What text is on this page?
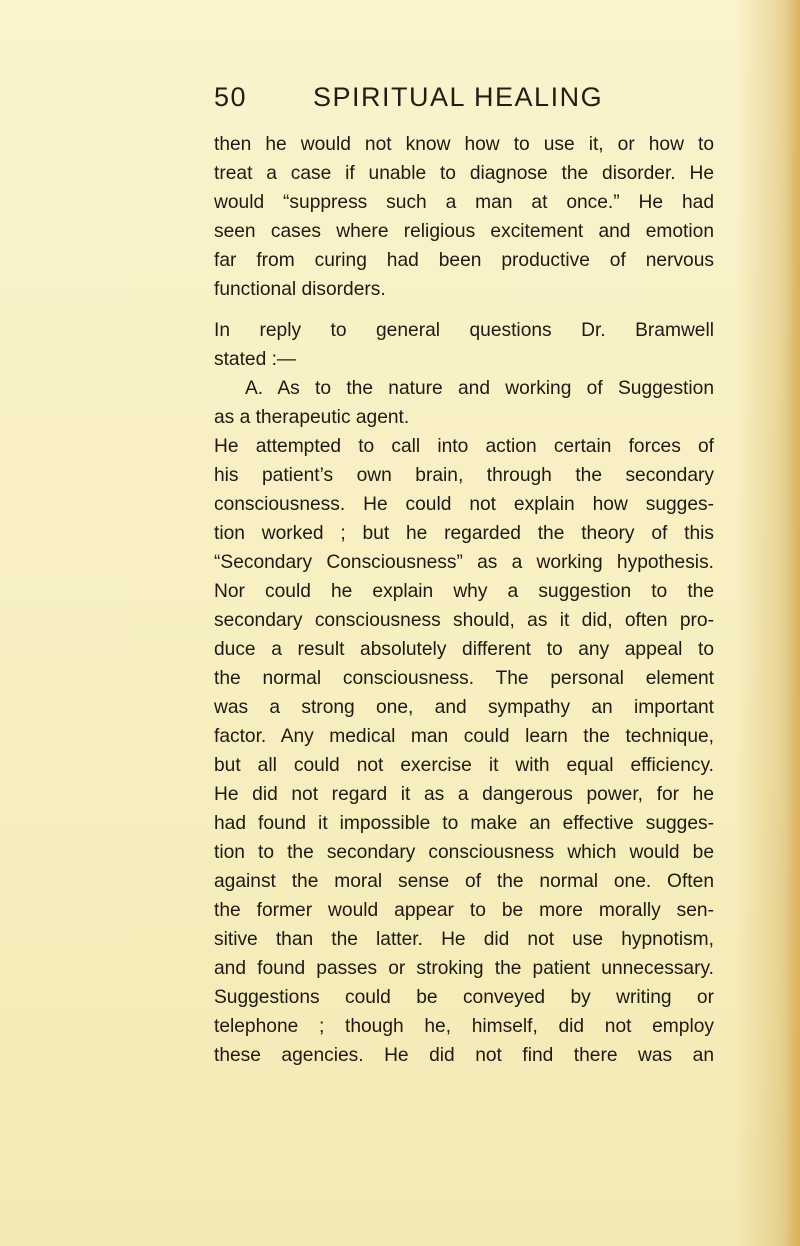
50 SPIRITUAL HEALING
then he would not know how to use it, or how to
treat a case if unable to diagnose the disorder. He
would “suppress such a man at once.” He had
seen cases where religious excitement and emotion
far from curing had been productive of nervous
functional disorders.
In reply to general questions Dr. Bramwell
stated :—
A. As to the nature and working of Suggestion
as a therapeutic agent.
He attempted to call into action certain forces of
his patient’s own brain, through the secondary
consciousness. He could not explain how sugges-
tion worked ; but he regarded the theory of this
“Secondary Consciousness” as a working hypothesis.
Nor could he explain why a suggestion to the
secondary consciousness should, as it did, often pro-
duce a result absolutely different to any appeal to
the normal consciousness. The personal element
was a strong one, and sympathy an important
factor. Any medical man could learn the technique,
but all could not exercise it with equal efficiency.
He did not regard it as a dangerous power, for he
had found it impossible to make an effective sugges-
tion to the secondary consciousness which would be
against the moral sense of the normal one. Often
the former would appear to be more morally sen-
sitive than the latter. He did not use hypnotism,
and found passes or stroking the patient unnecessary.
Suggestions could be conveyed by writing or
telephone ; though he, himself, did not employ
these agencies. He did not find there was an
